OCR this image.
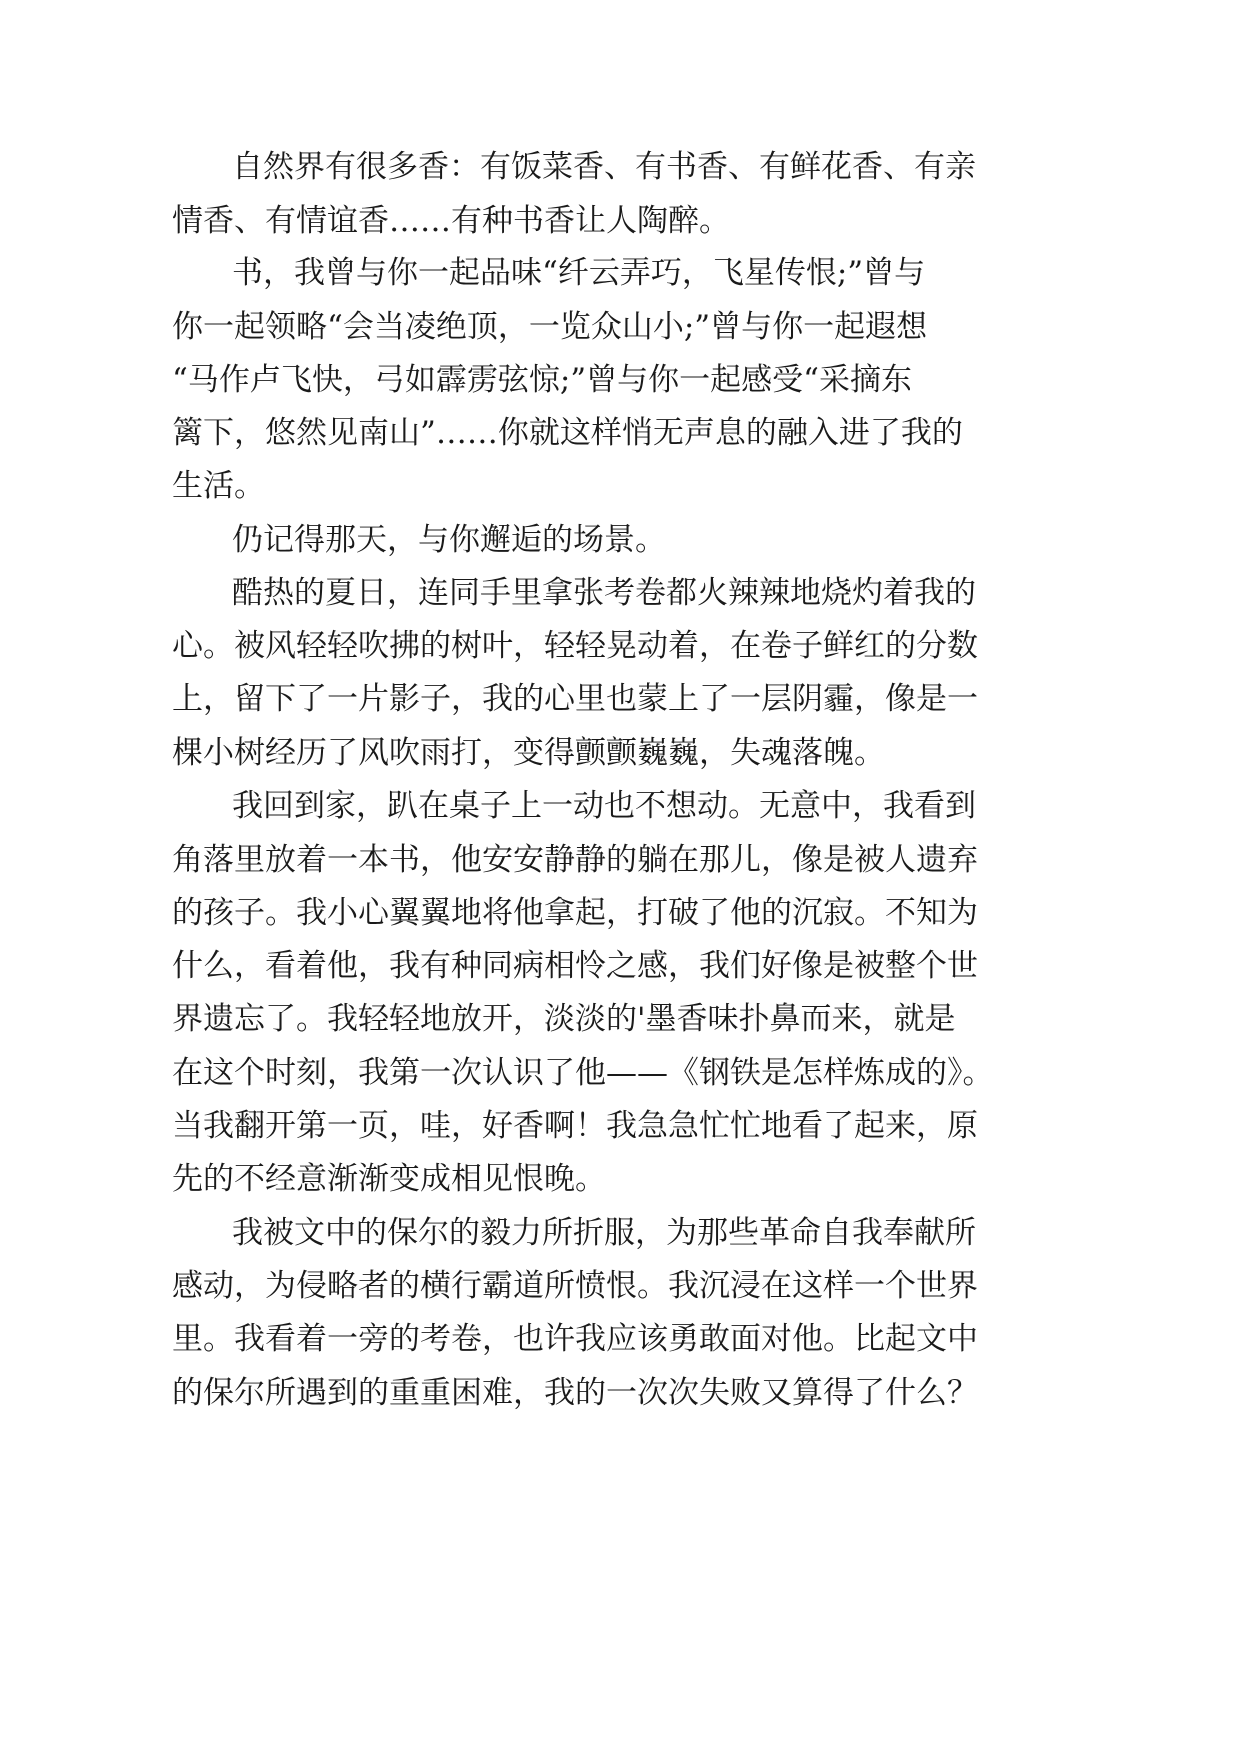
自然界有很多香：有饭菜香、有书香、有鲜花香、有亲

情香、有情谊香……有种书香让人陶醉。

书，我曾与你一起品味“纤云弄巧，飞星传恨;”曾与

你一起领略“会当凌绝顶，一览众山小;”曾与你一起遐想

“马作卢飞快，弓如霹雳弦惊;”曾与你一起感受“采摘东

篱下，悠然见南山”……你就这样悄无声息的融入进了我的

生活。

仍记得那天，与你邂逅的场景。

酷热的夏日，连同手里拿张考卷都火辣辣地烧灼着我的

心。被风轻轻吹拂的树叶，轻轻晃动着，在卷子鲜红的分数

上，留下了一片影子，我的心里也蒙上了一层阴霾，像是一

棵小树经历了风吹雨打，变得颤颤巍巍，失魂落魄。

我回到家，趴在桌子上一动也不想动。无意中，我看到

角落里放着一本书，他安安静静的躺在那儿，像是被人遗弃

的孩子。我小心翼翼地将他拿起，打破了他的沉寂。不知为

什么，看着他，我有种同病相怜之感，我们好像是被整个世

界遗忘了。我轻轻地放开，淡淡的'墨香味扑鼻而来，就是

在这个时刻，我第一次认识了他——《钢铁是怎样炼成的》。

当我翻开第一页，哇，好香啊！我急急忙忙地看了起来，原

先的不经意渐渐变成相见恨晚。

我被文中的保尔的毅力所折服，为那些革命自我奉献所

感动，为侵略者的横行霸道所愤恨。我沉浸在这样一个世界

里。我看着一旁的考卷，也许我应该勇敢面对他。比起文中

的保尔所遇到的重重困难，我的一次次失败又算得了什么？
